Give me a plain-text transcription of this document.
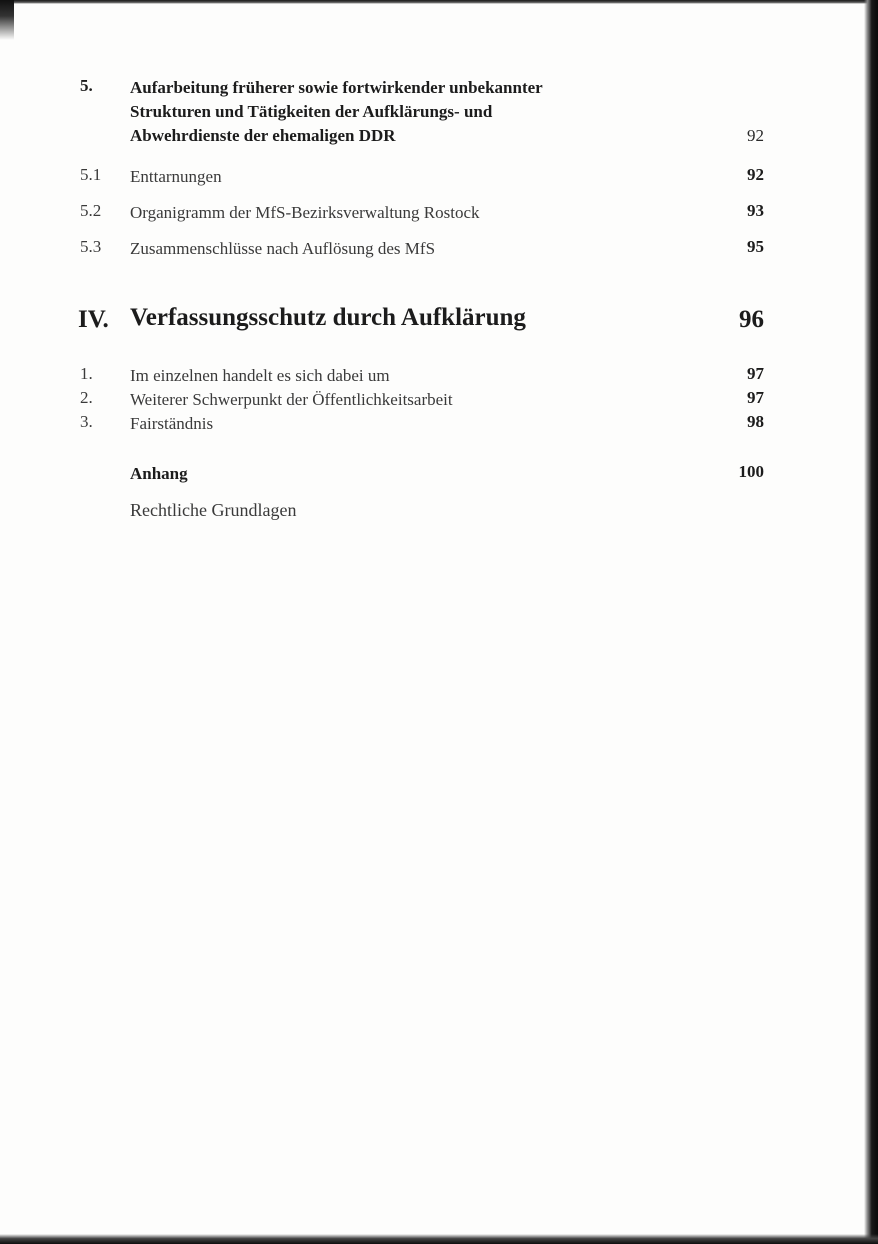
5. Aufarbeitung früherer sowie fortwirkender unbekannter
Strukturen und Tätigkeiten der Aufklärungs- und
Abwehrdienste der ehemaligen DDR	92
5.1 Enttarnungen	92
5.2 Organigramm der MfS-Bezirksverwaltung Rostock	93
5.3 Zusammenschlüsse nach Auflösung des MfS	95
IV. Verfassungsschutz durch Aufklärung	96
1. Im einzelnen handelt es sich dabei um	97
2. Weiterer Schwerpunkt der Öffentlichkeitsarbeit	97
3. Fairständnis	98
Anhang	100
Rechtliche Grundlagen
